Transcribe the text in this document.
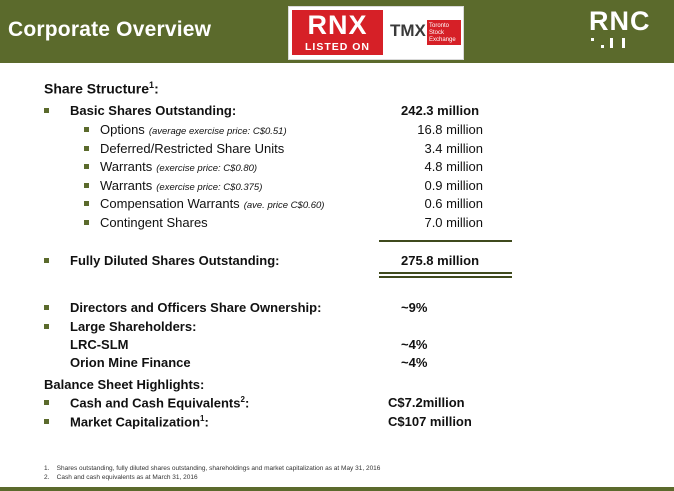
Corporate Overview	RNX
LISTED ON
TMX Toronto Stock Exchange
RNC
Share Structure$^1$:
Basic Shares Outstanding:	242.3 million
Options (average exercise price: C$0.51)	16.8 million
Deferred/Restricted Share Units	3.4 million
Warrants (exercise price: C$0.80)	4.8 million
Warrants (exercise price: C$0.375)	0.9 million
Compensation Warrants (ave. price C$0.60)	0.6 million
Contingent Shares	7.0 million
Fully Diluted Shares Outstanding:	275.8 million
Directors and Officers Share Ownership:	~9%
Large Shareholders:
LRC-SLM	~4%
Orion Mine Finance	~4%
Balance Sheet Highlights:
Cash and Cash Equivalents$^2$:	C$7.2million
Market Capitalization$^1$:	C$107 million
1. Shares outstanding, fully diluted shares outstanding, shareholdings and market capitalization as at May 31, 2016
2. Cash and cash equivalents as at March 31, 2016
